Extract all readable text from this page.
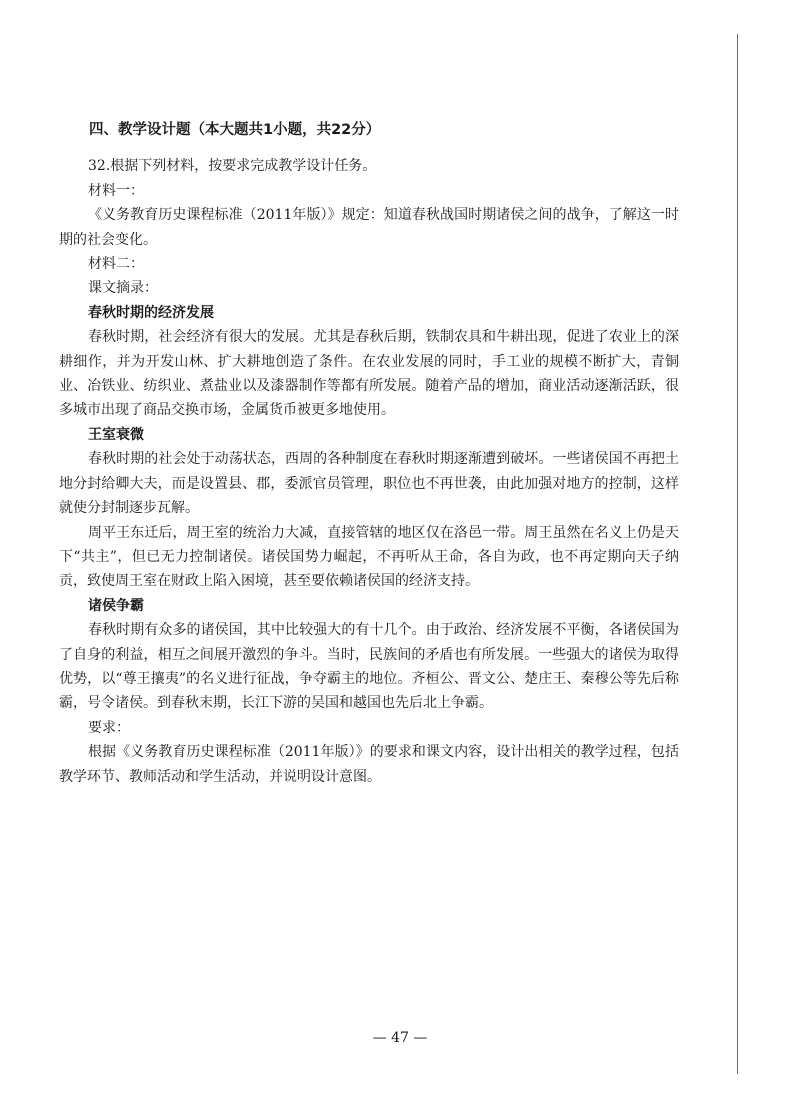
四、教学设计题（本大题共1小题，共22分）

32.根据下列材料，按要求完成教学设计任务。

材料一：

《义务教育历史课程标准（2011年版）》规定：知道春秋战国时期诸侯之间的战争，了解这一时期的社会变化。

材料二：

课文摘录：

春秋时期的经济发展

春秋时期，社会经济有很大的发展。尤其是春秋后期，铁制农具和牛耕出现，促进了农业上的深耕细作，并为开发山林、扩大耕地创造了条件。在农业发展的同时，手工业的规模不断扩大，青铜业、冶铁业、纺织业、煮盐业以及漆器制作等都有所发展。随着产品的增加，商业活动逐渐活跃，很多城市出现了商品交换市场，金属货币被更多地使用。

王室衰微

春秋时期的社会处于动荡状态，西周的各种制度在春秋时期逐渐遭到破坏。一些诸侯国不再把土地分封给卿大夫，而是设置县、郡，委派官员管理，职位也不再世袭，由此加强对地方的控制，这样就使分封制逐步瓦解。

周平王东迁后，周王室的统治力大减，直接管辖的地区仅在洛邑一带。周王虽然在名义上仍是天下“共主”，但已无力控制诸侯。诸侯国势力崛起，不再听从王命，各自为政，也不再定期向天子纳贡，致使周王室在财政上陷入困境，甚至要依赖诸侯国的经济支持。

诸侯争霸

春秋时期有众多的诸侯国，其中比较强大的有十几个。由于政治、经济发展不平衡，各诸侯国为了自身的利益，相互之间展开激烈的争斗。当时，民族间的矛盾也有所发展。一些强大的诸侯为取得优势，以“尊王攘夷”的名义进行征战，争夺霸主的地位。齐桓公、晋文公、楚庄王、秦穆公等先后称霸，号令诸侯。到春秋末期，长江下游的吴国和越国也先后北上争霸。

要求：

根据《义务教育历史课程标准（2011年版）》的要求和课文内容，设计出相关的教学过程，包括教学环节、教师活动和学生活动，并说明设计意图。

— 47 —
